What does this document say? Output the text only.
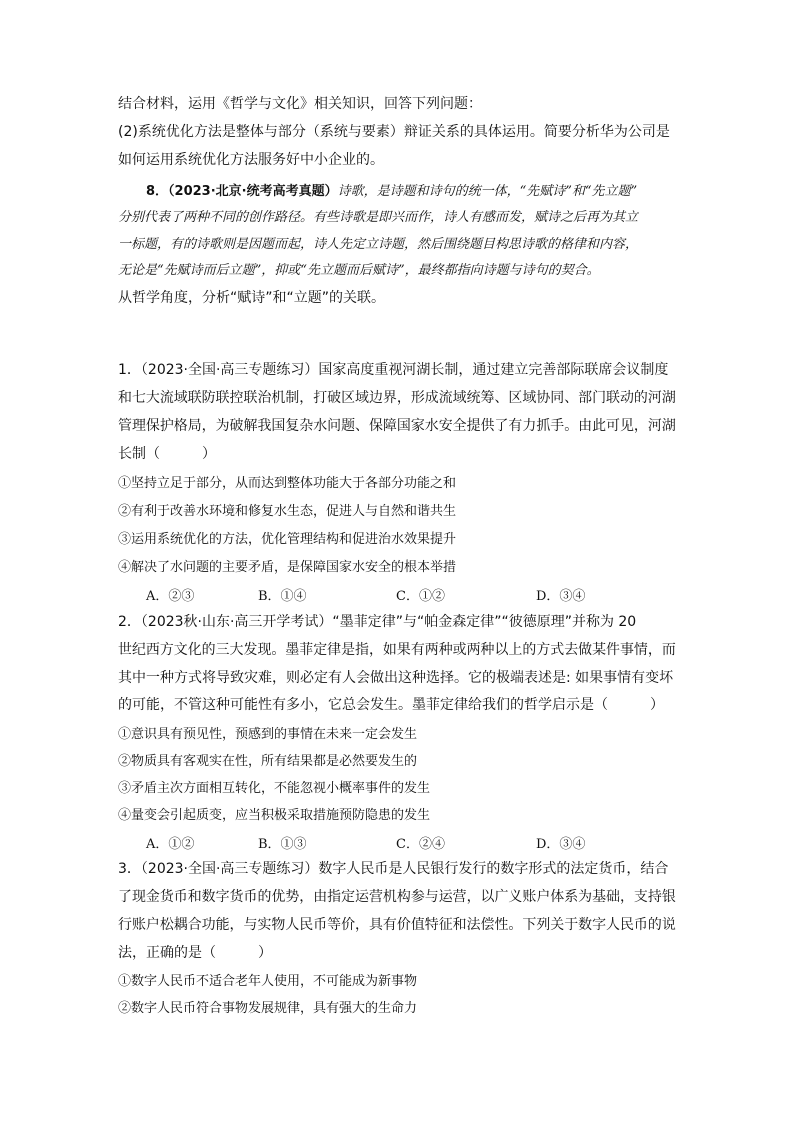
结合材料，运用《哲学与文化》相关知识，回答下列问题：
(2)系统优化方法是整体与部分（系统与要素）辩证关系的具体运用。简要分析华为公司是
如何运用系统优化方法服务好中小企业的。
8．（2023·北京·统考高考真题）诗歌，是诗题和诗句的统一体，“先赋诗”和“先立题”
分别代表了两种不同的创作路径。有些诗歌是即兴而作，诗人有感而发，赋诗之后再为其立
一标题，有的诗歌则是因题而起，诗人先定立诗题，然后围绕题目构思诗歌的格律和内容，
无论是“先赋诗而后立题”，抑或“先立题而后赋诗”，最终都指向诗题与诗句的契合。
从哲学角度，分析“赋诗”和“立题”的关联。
1．（2023·全国·高三专题练习）国家高度重视河湖长制，通过建立完善部际联席会议制度
和七大流域联防联控联治机制，打破区域边界，形成流域统筹、区域协同、部门联动的河湖
管理保护格局，为破解我国复杂水问题、保障国家水安全提供了有力抓手。由此可见，河湖
长制（　　　）
①坚持立足于部分，从而达到整体功能大于各部分功能之和
②有利于改善水环境和修复水生态，促进人与自然和谐共生
③运用系统优化的方法，优化管理结构和促进治水效果提升
④解决了水问题的主要矛盾，是保障国家水安全的根本举措
A．②③	B．①④	C．①②	D．③④
2．（2023秋·山东·高三开学考试）“墨菲定律”与“帕金森定律”“彼德原理”并称为 20
世纪西方文化的三大发现。墨菲定律是指，如果有两种或两种以上的方式去做某件事情，而
其中一种方式将导致灾难，则必定有人会做出这种选择。它的极端表述是: 如果事情有变坏
的可能，不管这种可能性有多小，它总会发生。墨菲定律给我们的哲学启示是（　　　）
①意识具有预见性，预感到的事情在未来一定会发生
②物质具有客观实在性，所有结果都是必然要发生的
③矛盾主次方面相互转化，不能忽视小概率事件的发生
④量变会引起质变，应当积极采取措施预防隐患的发生
A．①②	B．①③	C．②④	D．③④
3．（2023·全国·高三专题练习）数字人民币是人民银行发行的数字形式的法定货币，结合
了现金货币和数字货币的优势，由指定运营机构参与运营，以广义账户体系为基础，支持银
行账户松耦合功能，与实物人民币等价，具有价值特征和法偿性。下列关于数字人民币的说
法，正确的是（　　　）
①数字人民币不适合老年人使用，不可能成为新事物
②数字人民币符合事物发展规律，具有强大的生命力
